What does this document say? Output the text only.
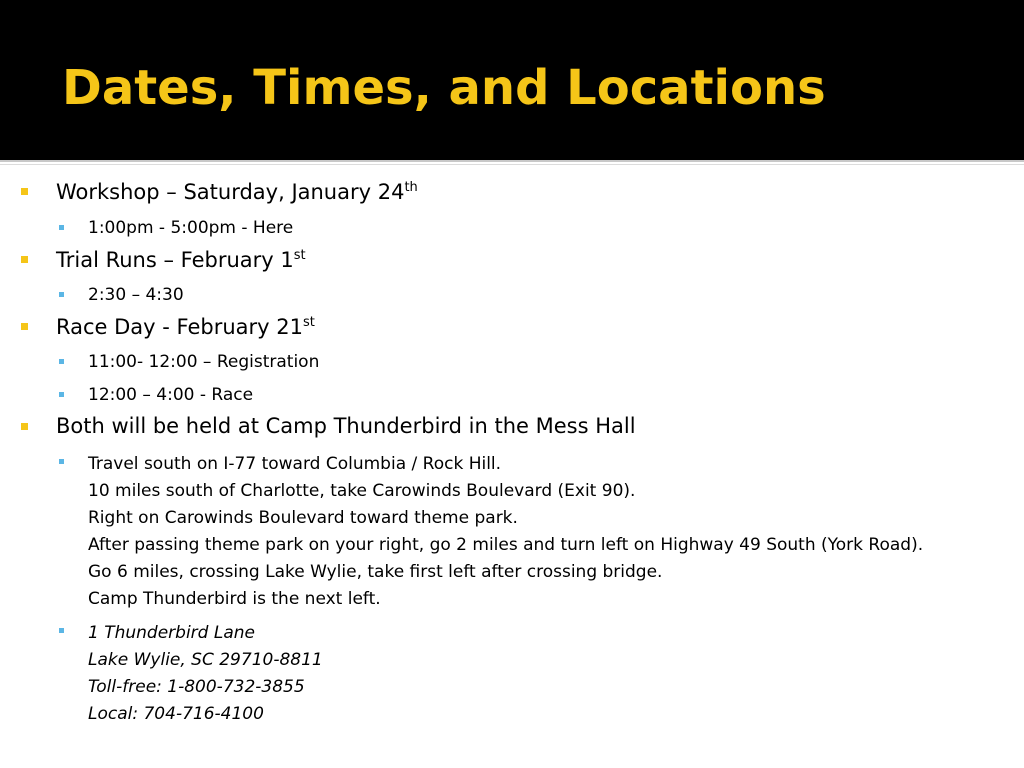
Dates, Times, and Locations
Workshop – Saturday, January 24th
1:00pm - 5:00pm - Here
Trial Runs – February 1st
2:30 – 4:30
Race Day - February 21st
11:00- 12:00 – Registration
12:00 – 4:00 - Race
Both will be held at Camp Thunderbird in the Mess Hall
Travel south on I-77 toward Columbia / Rock Hill.
10 miles south of Charlotte, take Carowinds Boulevard (Exit 90).
Right on Carowinds Boulevard toward theme park.
After passing theme park on your right, go 2 miles and turn left on Highway 49 South (York Road).
Go 6 miles, crossing Lake Wylie, take first left after crossing bridge.
Camp Thunderbird is the next left.
1 Thunderbird Lane
Lake Wylie, SC 29710-8811
Toll-free: 1-800-732-3855
Local: 704-716-4100
